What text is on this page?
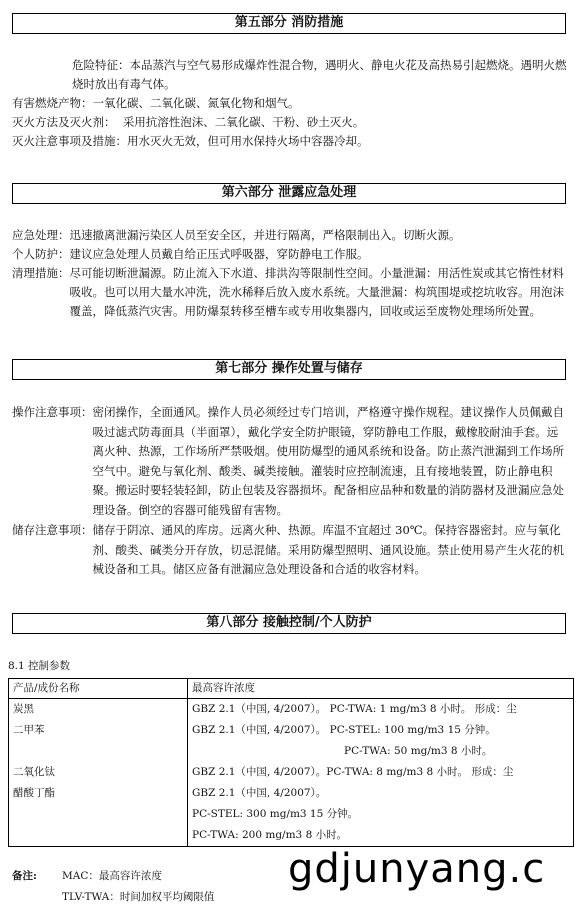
第五部分 消防措施

危险特征：本品蒸汽与空气易形成爆炸性混合物，遇明火、静电火花及高热易引起燃烧。遇明火燃烧时放出有毒气体。

有害燃烧产物：一氧化碳、二氧化碳、氮氧化物和烟气。

灭火方法及灭火剂： 采用抗溶性泡沫、二氧化碳、干粉、砂土灭火。

灭火注意事项及措施：用水灭火无效，但可用水保持火场中容器冷却。

第六部分 泄露应急处理
应急处理： 迅速撤离泄漏污染区人员至安全区，并进行隔离，严格限制出入。切断火源。
个人防护： 建议应急处理人员戴自给正压式呼吸器，穿防静电工作服。
清理措施： 尽可能切断泄漏源。防止流入下水道、排洪沟等限制性空间。小量泄漏：用活性炭或其它惰性材料吸收。也可以用大量水冲洗，洗水稀释后放入废水系统。大量泄漏：构筑围堤或挖坑收容。用泡沫覆盖，降低蒸汽灾害。用防爆泵转移至槽车或专用收集器内，回收或运至废物处理场所处置。
第七部分 操作处置与储存
操作注意事项： 密闭操作，全面通风。操作人员必须经过专门培训，严格遵守操作规程。建议操作人员佩戴自吸过滤式防毒面具（半面罩），戴化学安全防护眼镜，穿防静电工作服，戴橡胶耐油手套。远离火种、热源，工作场所严禁吸烟。使用防爆型的通风系统和设备。防止蒸汽泄漏到工作场所空气中。避免与氧化剂、酸类、碱类接触。灌装时应控制流速，且有接地装置，防止静电积聚。搬运时要轻装轻卸，防止包装及容器损坏。配备相应品种和数量的消防器材及泄漏应急处理设备。倒空的容器可能残留有害物。
储存注意事项： 储存于阴凉、通风的库房。远离火种、热源。库温不宜超过 30℃。保持容器密封。应与氧化剂、酸类、碱类分开存放，切忌混储。采用防爆型照明、通风设施。禁止使用易产生火花的机械设备和工具。储区应备有泄漏应急处理设备和合适的收容材料。
第八部分 接触控制/个人防护
8.1 控制参数
产品/成份名称	最高容许浓度
炭黑	GBZ 2.1（中国, 4/2007）。 PC-TWA: 1 mg/m3 8 小时。 形成：尘
二甲苯	GBZ 2.1（中国, 4/2007）。 PC-STEL: 100 mg/m3 15 分钟。
	PC-TWA: 50 mg/m3 8 小时。
二氧化钛	GBZ 2.1（中国, 4/2007）。PC-TWA: 8 mg/m3 8 小时。 形成：尘
醋酸丁酯	GBZ 2.1（中国, 4/2007）。
	PC-STEL: 300 mg/m3 15 分钟。
	PC-TWA: 200 mg/m3 8 小时。
备注:	MAC：最高容许浓度
TLV-TWA：时间加权平均阈限值
gdjunyang.c
